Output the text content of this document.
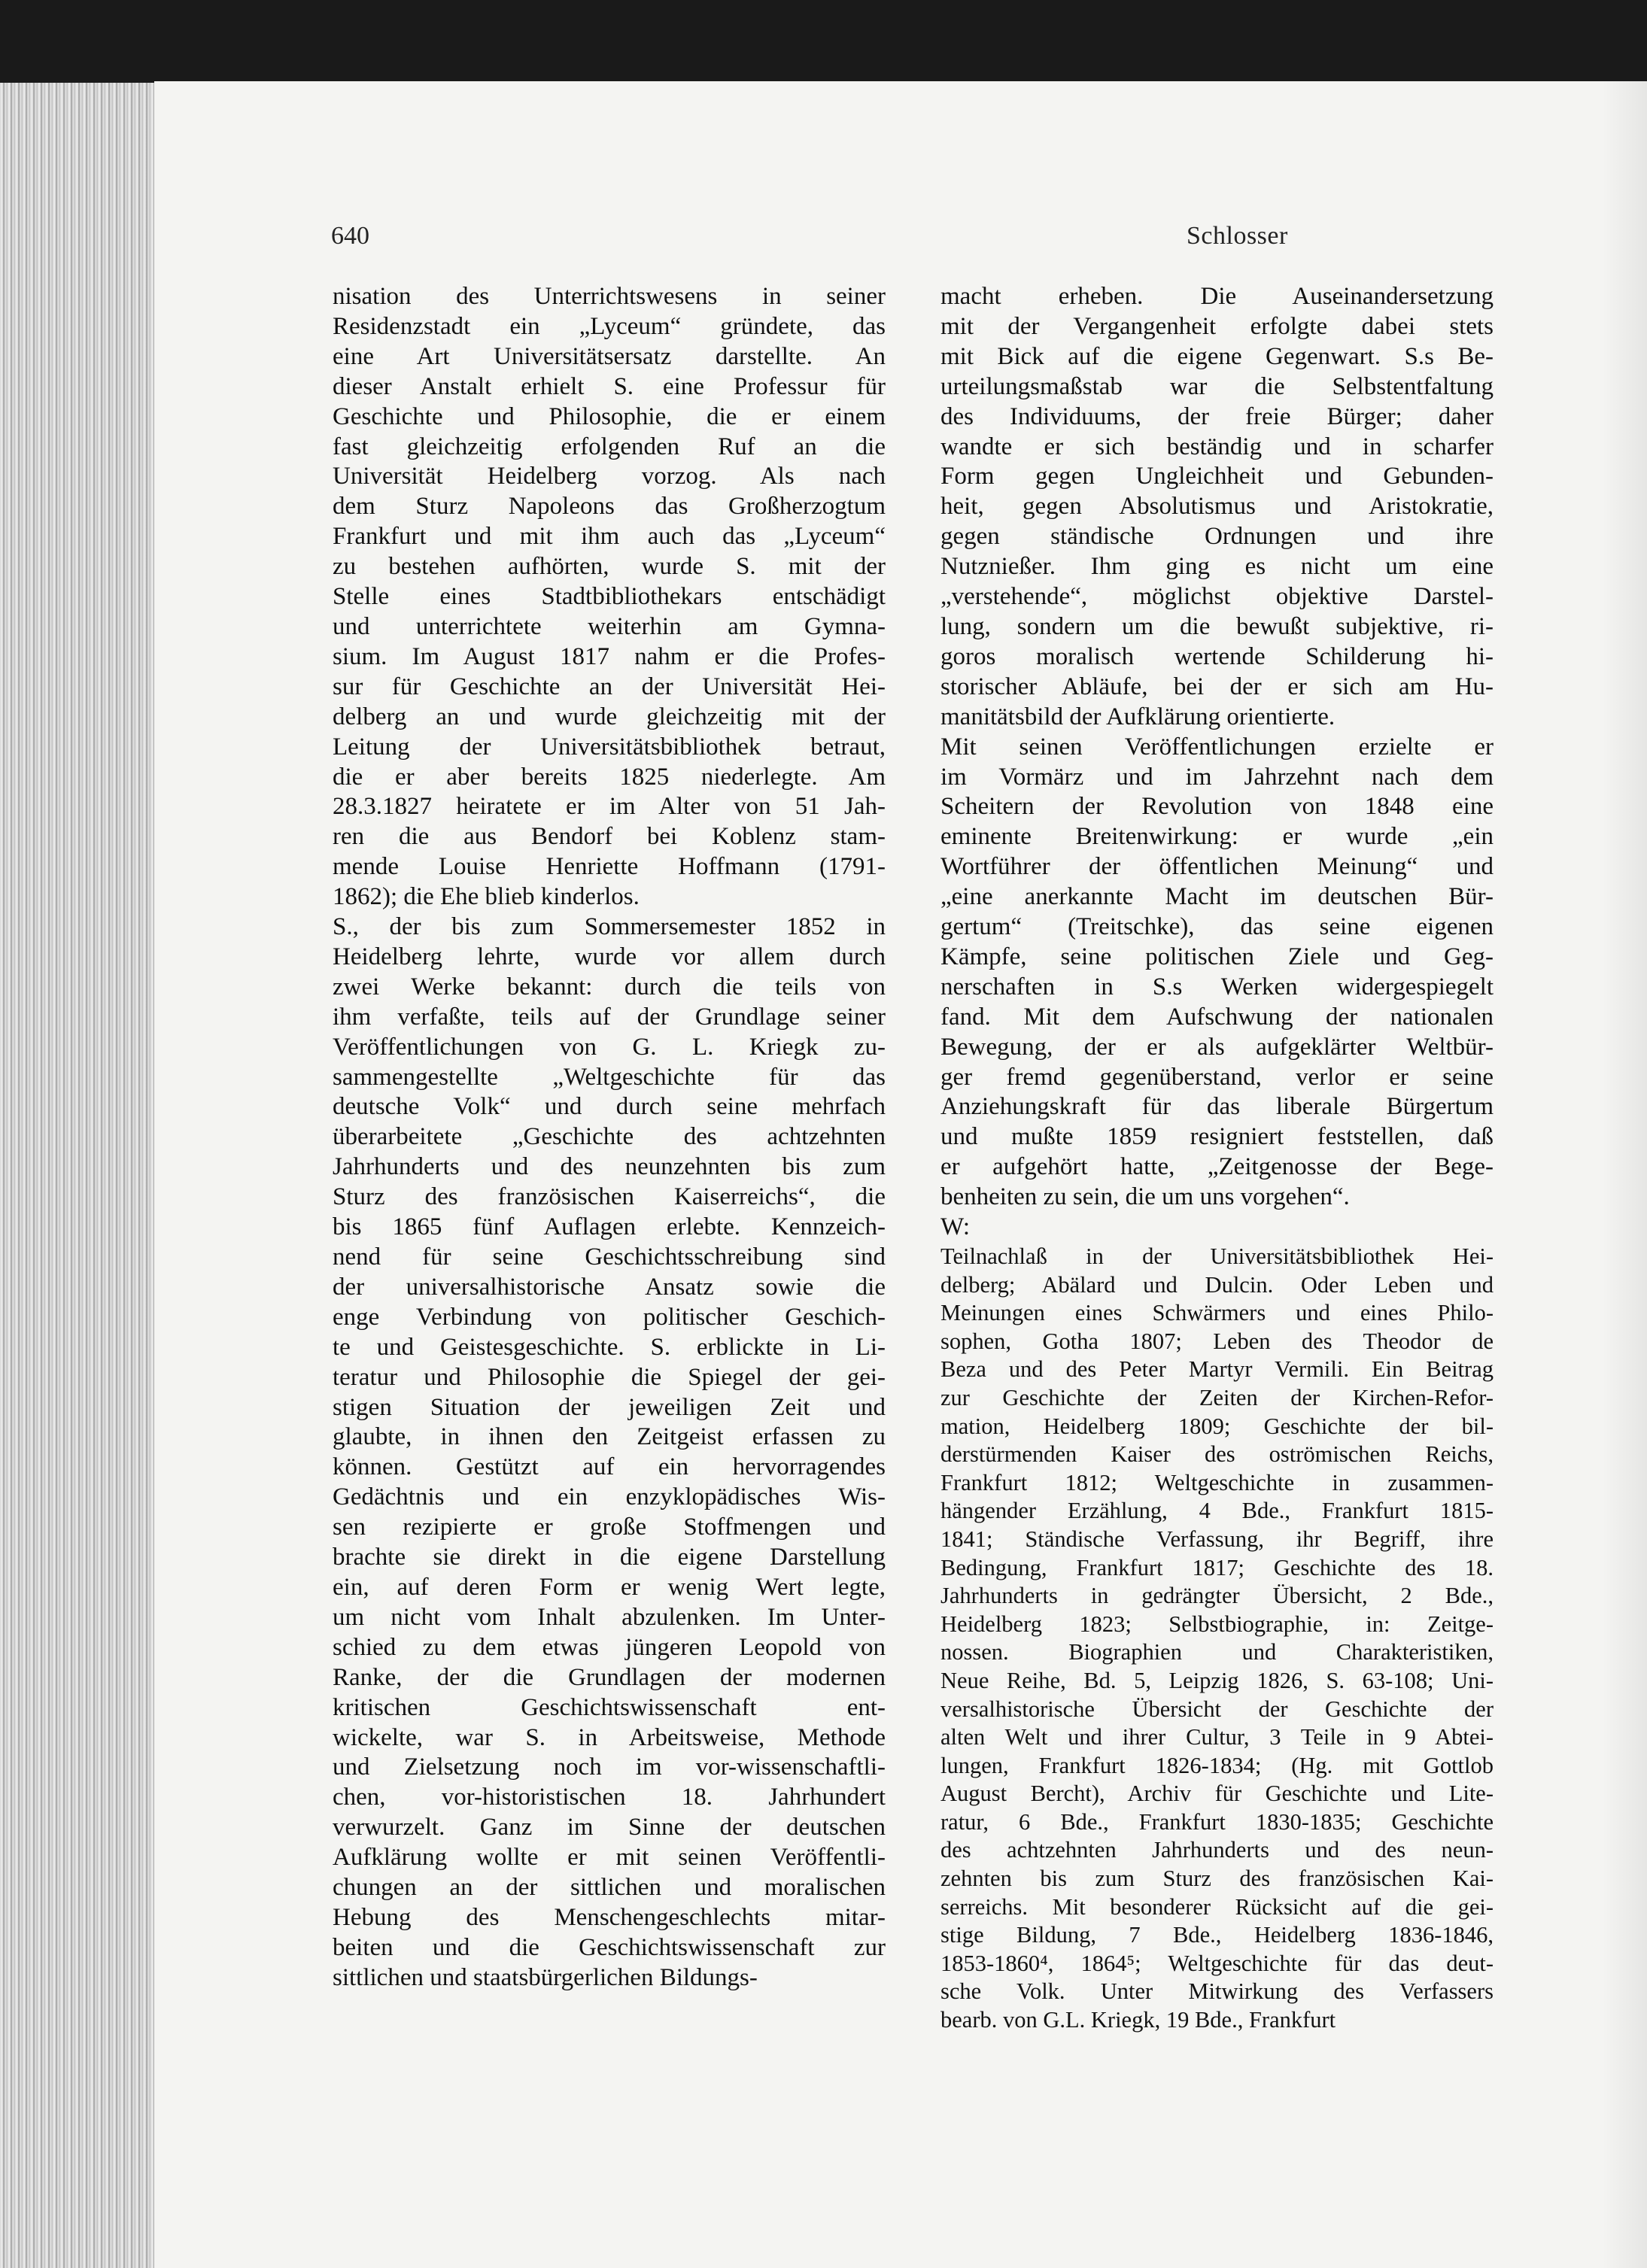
640	Schlosser
nisation des Unterrichtswesens in seiner
Residenzstadt ein „Lyceum“ gründete, das
eine Art Universitätsersatz darstellte. An
dieser Anstalt erhielt S. eine Professur für
Geschichte und Philosophie, die er einem
fast gleichzeitig erfolgenden Ruf an die
Universität Heidelberg vorzog. Als nach
dem Sturz Napoleons das Großherzogtum
Frankfurt und mit ihm auch das „Lyceum“
zu bestehen aufhörten, wurde S. mit der
Stelle eines Stadtbibliothekars entschädigt
und unterrichtete weiterhin am Gymna-
sium. Im August 1817 nahm er die Profes-
sur für Geschichte an der Universität Hei-
delberg an und wurde gleichzeitig mit der
Leitung der Universitätsbibliothek betraut,
die er aber bereits 1825 niederlegte. Am
28.3.1827 heiratete er im Alter von 51 Jah-
ren die aus Bendorf bei Koblenz stam-
mende Louise Henriette Hoffmann (1791-
1862); die Ehe blieb kinderlos.
S., der bis zum Sommersemester 1852 in
Heidelberg lehrte, wurde vor allem durch
zwei Werke bekannt: durch die teils von
ihm verfaßte, teils auf der Grundlage seiner
Veröffentlichungen von G. L. Kriegk zu-
sammengestellte „Weltgeschichte für das
deutsche Volk“ und durch seine mehrfach
überarbeitete „Geschichte des achtzehnten
Jahrhunderts und des neunzehnten bis zum
Sturz des französischen Kaiserreichs“, die
bis 1865 fünf Auflagen erlebte. Kennzeich-
nend für seine Geschichtsschreibung sind
der universalhistorische Ansatz sowie die
enge Verbindung von politischer Geschich-
te und Geistesgeschichte. S. erblickte in Li-
teratur und Philosophie die Spiegel der gei-
stigen Situation der jeweiligen Zeit und
glaubte, in ihnen den Zeitgeist erfassen zu
können. Gestützt auf ein hervorragendes
Gedächtnis und ein enzyklopädisches Wis-
sen rezipierte er große Stoffmengen und
brachte sie direkt in die eigene Darstellung
ein, auf deren Form er wenig Wert legte,
um nicht vom Inhalt abzulenken. Im Unter-
schied zu dem etwas jüngeren Leopold von
Ranke, der die Grundlagen der modernen
kritischen Geschichtswissenschaft ent-
wickelte, war S. in Arbeitsweise, Methode
und Zielsetzung noch im vor-wissenschaftli-
chen, vor-historistischen 18. Jahrhundert
verwurzelt. Ganz im Sinne der deutschen
Aufklärung wollte er mit seinen Veröffentli-
chungen an der sittlichen und moralischen
Hebung des Menschengeschlechts mitar-
beiten und die Geschichtswissenschaft zur
sittlichen und staatsbürgerlichen Bildungs-
macht erheben. Die Auseinandersetzung
mit der Vergangenheit erfolgte dabei stets
mit Bick auf die eigene Gegenwart. S.s Be-
urteilungsmaßstab war die Selbstentfaltung
des Individuums, der freie Bürger; daher
wandte er sich beständig und in scharfer
Form gegen Ungleichheit und Gebunden-
heit, gegen Absolutismus und Aristokratie,
gegen ständische Ordnungen und ihre
Nutznießer. Ihm ging es nicht um eine
„verstehende“, möglichst objektive Darstel-
lung, sondern um die bewußt subjektive, ri-
goros moralisch wertende Schilderung hi-
storischer Abläufe, bei der er sich am Hu-
manitätsbild der Aufklärung orientierte.
Mit seinen Veröffentlichungen erzielte er
im Vormärz und im Jahrzehnt nach dem
Scheitern der Revolution von 1848 eine
eminente Breitenwirkung: er wurde „ein
Wortführer der öffentlichen Meinung“ und
„eine anerkannte Macht im deutschen Bür-
gertum“ (Treitschke), das seine eigenen
Kämpfe, seine politischen Ziele und Geg-
nerschaften in S.s Werken widergespiegelt
fand. Mit dem Aufschwung der nationalen
Bewegung, der er als aufgeklärter Weltbür-
ger fremd gegenüberstand, verlor er seine
Anziehungskraft für das liberale Bürgertum
und mußte 1859 resigniert feststellen, daß
er aufgehört hatte, „Zeitgenosse der Bege-
benheiten zu sein, die um uns vorgehen“.
W:
Teilnachlaß in der Universitätsbibliothek Hei-
delberg; Abälard und Dulcin. Oder Leben und
Meinungen eines Schwärmers und eines Philo-
sophen, Gotha 1807; Leben des Theodor de
Beza und des Peter Martyr Vermili. Ein Beitrag
zur Geschichte der Zeiten der Kirchen-Refor-
mation, Heidelberg 1809; Geschichte der bil-
derstürmenden Kaiser des oströmischen Reichs,
Frankfurt 1812; Weltgeschichte in zusammen-
hängender Erzählung, 4 Bde., Frankfurt 1815-
1841; Ständische Verfassung, ihr Begriff, ihre
Bedingung, Frankfurt 1817; Geschichte des 18.
Jahrhunderts in gedrängter Übersicht, 2 Bde.,
Heidelberg 1823; Selbstbiographie, in: Zeitge-
nossen. Biographien und Charakteristiken,
Neue Reihe, Bd. 5, Leipzig 1826, S. 63-108; Uni-
versalhistorische Übersicht der Geschichte der
alten Welt und ihrer Cultur, 3 Teile in 9 Abtei-
lungen, Frankfurt 1826-1834; (Hg. mit Gottlob
August Bercht), Archiv für Geschichte und Lite-
ratur, 6 Bde., Frankfurt 1830-1835; Geschichte
des achtzehnten Jahrhunderts und des neun-
zehnten bis zum Sturz des französischen Kai-
serreichs. Mit besonderer Rücksicht auf die gei-
stige Bildung, 7 Bde., Heidelberg 1836-1846,
1853-1860⁴, 1864⁵; Weltgeschichte für das deut-
sche Volk. Unter Mitwirkung des Verfassers
bearb. von G.L. Kriegk, 19 Bde., Frankfurt
